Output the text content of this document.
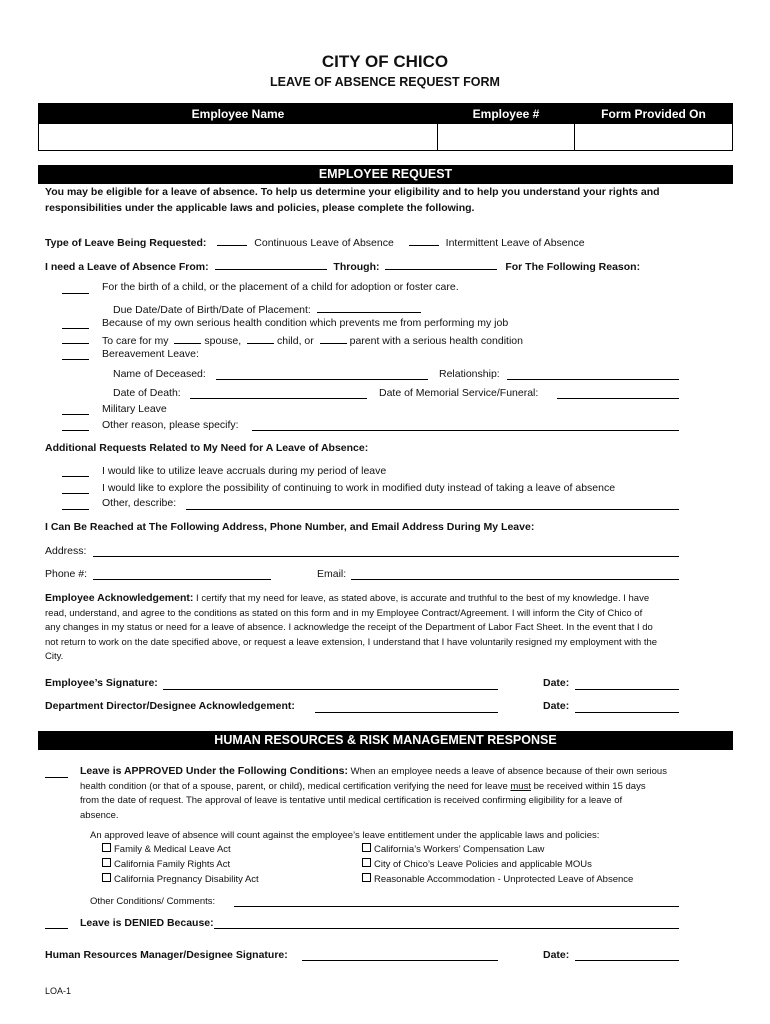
CITY OF CHICO
LEAVE OF ABSENCE REQUEST FORM
Employee Name	Employee #	Form Provided On

EMPLOYEE REQUEST
You may be eligible for a leave of absence. To help us determine your eligibility and to help you understand your rights and
responsibilities under the applicable laws and policies, please complete the following.
Type of Leave Being Requested:	Continuous Leave of Absence	Intermittent Leave of Absence
I need a Leave of Absence From:	Through:	For The Following Reason:
For the birth of a child, or the placement of a child for adoption or foster care.
Due Date/Date of Birth/Date of Placement:
Because of my own serious health condition which prevents me from performing my job
To care for my	spouse,	child, or	parent with a serious health condition
Bereavement Leave:
Name of Deceased:	Relationship:
Date of Death:	Date of Memorial Service/Funeral:
Military Leave
Other reason, please specify:
Additional Requests Related to My Need for A Leave of Absence:
I would like to utilize leave accruals during my period of leave
I would like to explore the possibility of continuing to work in modified duty instead of taking a leave of absence
Other, describe:
I Can Be Reached at The Following Address, Phone Number, and Email Address During My Leave:
Address:
Phone #:	Email:
Employee Acknowledgement: I certify that my need for leave, as stated above, is accurate and truthful to the best of my knowledge. I have
read, understand, and agree to the conditions as stated on this form and in my Employee Contract/Agreement. I will inform the City of Chico of
any changes in my status or need for a leave of absence. I acknowledge the receipt of the Department of Labor Fact Sheet. In the event that I do
not return to work on the date specified above, or request a leave extension, I understand that I have voluntarily resigned my employment with the
City.
Employee’s Signature:	Date:
Department Director/Designee Acknowledgement:	Date:
HUMAN RESOURCES & RISK MANAGEMENT RESPONSE
Leave is APPROVED Under the Following Conditions: When an employee needs a leave of absence because of their own serious
health condition (or that of a spouse, parent, or child), medical certification verifying the need for leave must be received within 15 days
from the date of request. The approval of leave is tentative until medical certification is received confirming eligibility for a leave of
absence.
An approved leave of absence will count against the employee’s leave entitlement under the applicable laws and policies:
Family & Medical Leave Act
California Family Rights Act
California Pregnancy Disability Act
California’s Workers’ Compensation Law
City of Chico’s Leave Policies and applicable MOUs
Reasonable Accommodation - Unprotected Leave of Absence
Other Conditions/ Comments:
Leave is DENIED Because:
Human Resources Manager/Designee Signature:	Date:
LOA-1
